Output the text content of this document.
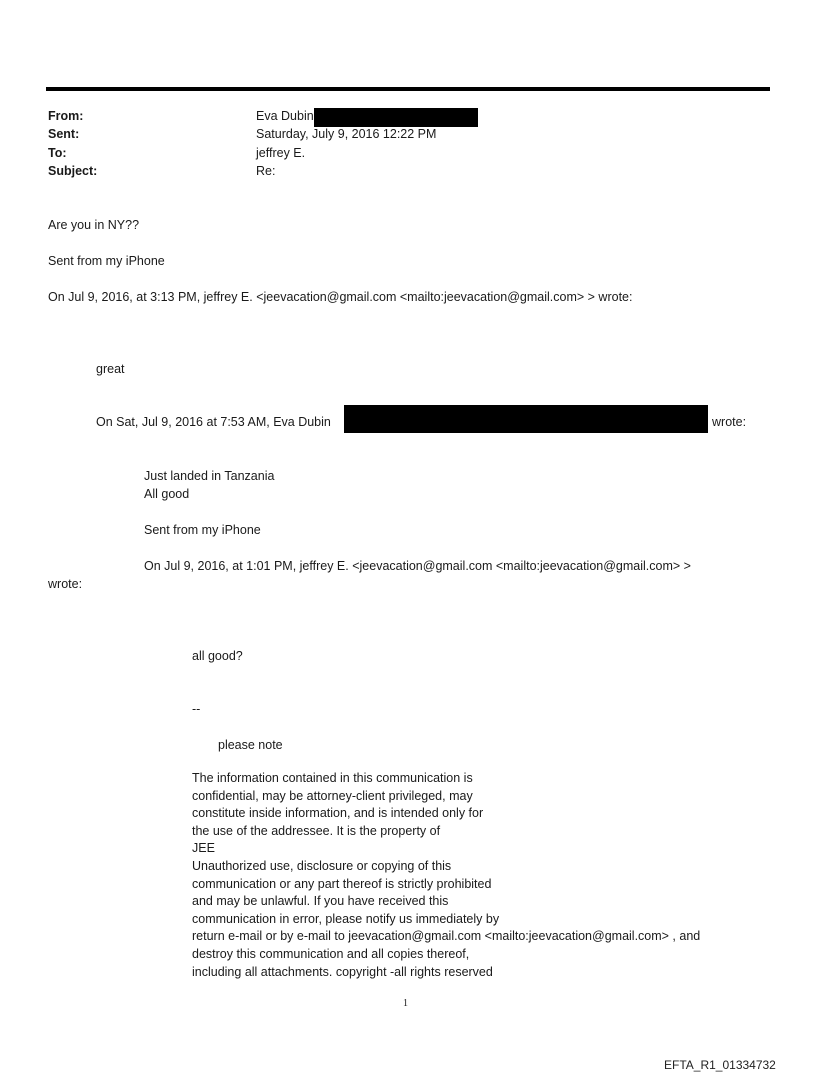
From:	Eva Dubin
Sent:	Saturday, July 9, 2016 12:22 PM
To:	jeffrey E.
Subject:	Re:
Are you in NY??
Sent from my iPhone
On Jul 9, 2016, at 3:13 PM, jeffrey E. <jeevacation@gmail.com <mailto:jeevacation@gmail.com> > wrote:
great
On Sat, Jul 9, 2016 at 7:53 AM, Eva Dubin	wrote:
Just landed in Tanzania
All good
Sent from my iPhone
On Jul 9, 2016, at 1:01 PM, jeffrey E. <jeevacation@gmail.com <mailto:jeevacation@gmail.com> >
wrote:
all good?
--
please note
The information contained in this communication is
confidential, may be attorney-client privileged, may
constitute inside information, and is intended only for
the use of the addressee. It is the property of
JEE
Unauthorized use, disclosure or copying of this
communication or any part thereof is strictly prohibited
and may be unlawful. If you have received this
communication in error, please notify us immediately by
return e-mail or by e-mail to jeevacation@gmail.com <mailto:jeevacation@gmail.com> , and
destroy this communication and all copies thereof,
including all attachments. copyright -all rights reserved
1
EFTA_R1_01334732
